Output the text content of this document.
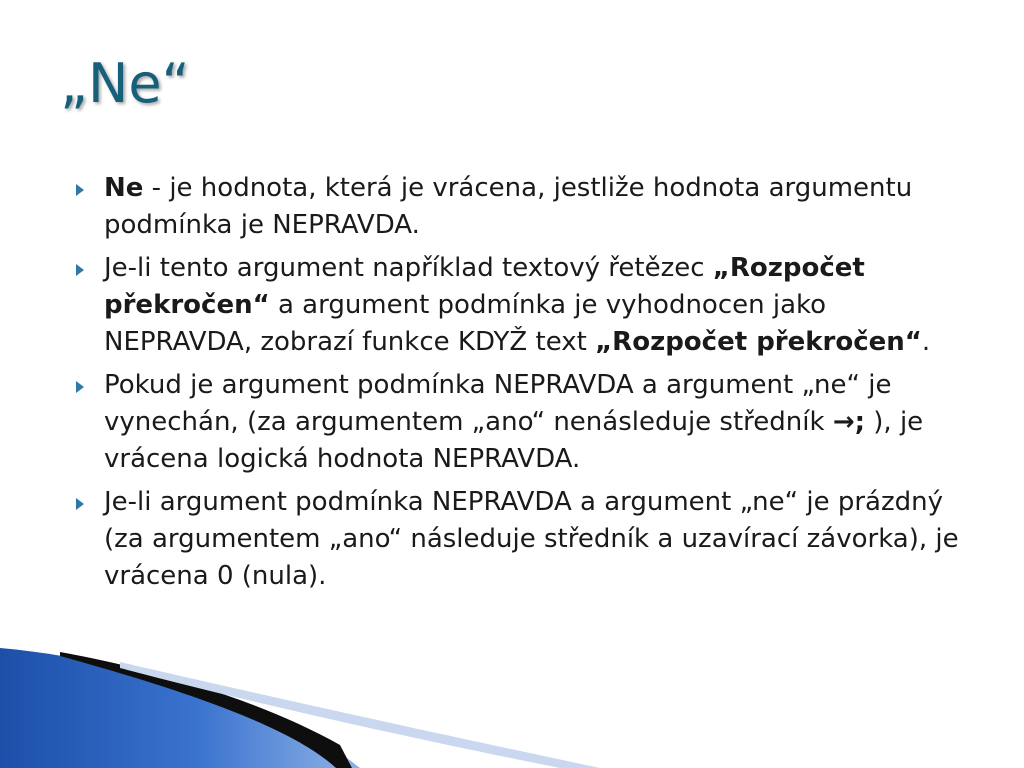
„Ne“
Ne - je hodnota, která je vrácena, jestliže hodnota argumentu podmínka je NEPRAVDA.
Je-li tento argument například textový řetězec „Rozpočet překročen“ a argument podmínka je vyhodnocen jako NEPRAVDA, zobrazí funkce KDYŽ text „Rozpočet překročen“.
Pokud je argument podmínka NEPRAVDA a argument „ne“ je vynechán, (za argumentem „ano“ nenásleduje středník →; ), je vrácena logická hodnota NEPRAVDA.
Je-li argument podmínka NEPRAVDA a argument „ne“ je prázdný (za argumentem „ano“ následuje středník a uzavírací závorka), je vrácena 0 (nula).
